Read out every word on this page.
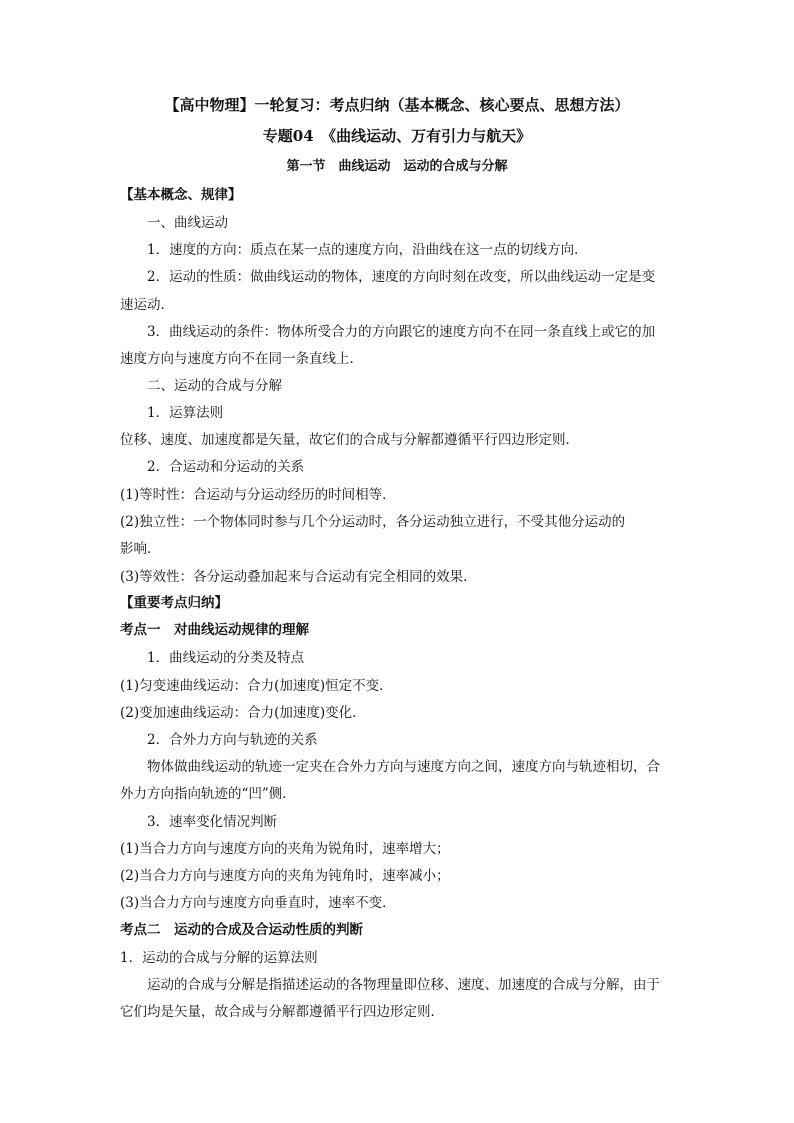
【高中物理】一轮复习：考点归纳（基本概念、核心要点、思想方法）
专题04　《曲线运动、万有引力与航天》
第一节　曲线运动　运动的合成与分解
【基本概念、规律】
一、曲线运动
1．速度的方向：质点在某一点的速度方向，沿曲线在这一点的切线方向．
2．运动的性质：做曲线运动的物体，速度的方向时刻在改变，所以曲线运动一定是变
速运动．
3．曲线运动的条件：物体所受合力的方向跟它的速度方向不在同一条直线上或它的加
速度方向与速度方向不在同一条直线上．
二、运动的合成与分解
1．运算法则
位移、速度、加速度都是矢量，故它们的合成与分解都遵循平行四边形定则．
2．合运动和分运动的关系
(1)等时性：合运动与分运动经历的时间相等．
(2)独立性：一个物体同时参与几个分运动时，各分运动独立进行，不受其他分运动的
影响．
(3)等效性：各分运动叠加起来与合运动有完全相同的效果．
【重要考点归纳】
考点一　对曲线运动规律的理解
1．曲线运动的分类及特点
(1)匀变速曲线运动：合力(加速度)恒定不变．
(2)变加速曲线运动：合力(加速度)变化．
2．合外力方向与轨迹的关系
物体做曲线运动的轨迹一定夹在合外力方向与速度方向之间，速度方向与轨迹相切，合
外力方向指向轨迹的“凹”侧．
3．速率变化情况判断
(1)当合力方向与速度方向的夹角为锐角时，速率增大；
(2)当合力方向与速度方向的夹角为钝角时，速率减小；
(3)当合力方向与速度方向垂直时，速率不变．
考点二　运动的合成及合运动性质的判断
1．运动的合成与分解的运算法则
运动的合成与分解是指描述运动的各物理量即位移、速度、加速度的合成与分解，由于
它们均是矢量，故合成与分解都遵循平行四边形定则．
